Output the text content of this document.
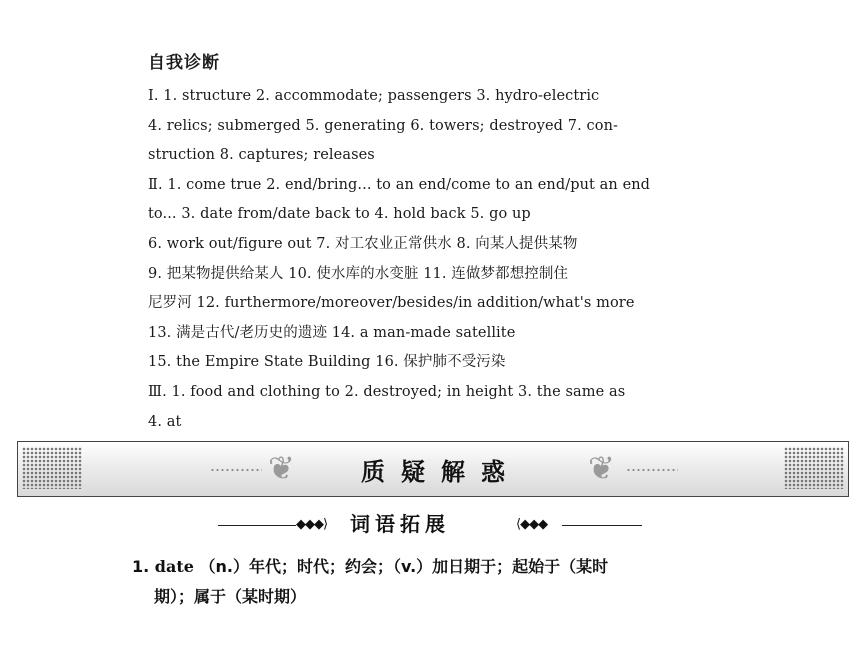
自我诊断
Ⅰ. 1. structure 2. accommodate; passengers 3. hydro-electric
4. relics; submerged 5. generating 6. towers; destroyed 7. con-
struction 8. captures; releases
Ⅱ. 1. come true 2. end/bring... to an end/come to an end/put an end
to... 3. date from/date back to 4. hold back 5. go up
6. work out/figure out 7. 对工农业正常供水 8. 向某人提供某物
9. 把某物提供给某人 10. 使水库的水变脏 11. 连做梦都想控制住
尼罗河 12. furthermore/moreover/besides/in addition/what's more
13. 满是古代/老历史的遗迹 14. a man-made satellite
15. the Empire State Building 16. 保护肺不受污染
Ⅲ. 1. food and clothing to 2. destroyed; in height 3. the same as
4. at
❦	质疑解惑	❦
◆◆◆⟩ 词语拓展	⟨◆◆◆
1. date （n.）年代；时代；约会；（v.）加日期于；起始于（某时
期）；属于（某时期）
